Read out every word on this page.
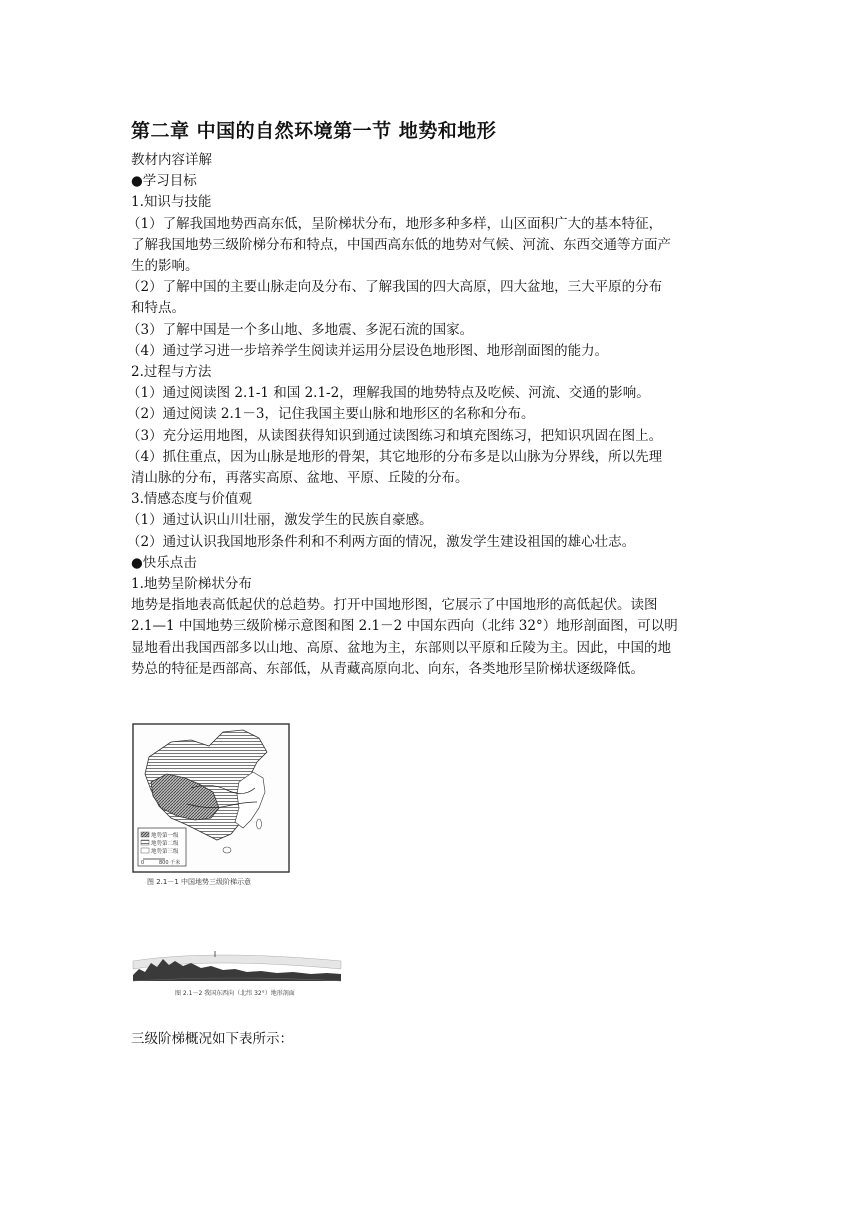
第二章 中国的自然环境第一节 地势和地形

教材内容详解

●学习目标

1.知识与技能

（1）了解我国地势西高东低，呈阶梯状分布，地形多种多样，山区面积广大的基本特征，

了解我国地势三级阶梯分布和特点，中国西高东低的地势对气候、河流、东西交通等方面产

生的影响。

（2）了解中国的主要山脉走向及分布、了解我国的四大高原，四大盆地，三大平原的分布

和特点。

（3）了解中国是一个多山地、多地震、多泥石流的国家。

（4）通过学习进一步培养学生阅读并运用分层设色地形图、地形剖面图的能力。

2.过程与方法

（1）通过阅读图 2.1-1 和国 2.1-2，理解我国的地势特点及吃候、河流、交通的影响。

（2）通过阅读 2.1－3，记住我国主要山脉和地形区的名称和分布。

（3）充分运用地图，从读图获得知识到通过读图练习和填充图练习，把知识巩固在图上。

（4）抓住重点，因为山脉是地形的骨架，其它地形的分布多是以山脉为分界线，所以先理

清山脉的分布，再落实高原、盆地、平原、丘陵的分布。

3.情感态度与价值观

（1）通过认识山川壮丽，激发学生的民族自豪感。

（2）通过认识我国地形条件利和不利两方面的情况，激发学生建设祖国的雄心壮志。

●快乐点击

1.地势呈阶梯状分布

地势是指地表高低起伏的总趋势。打开中国地形图，它展示了中国地形的高低起伏。读图

2.1—1 中国地势三级阶梯示意图和图 2.1－2 中国东西向（北纬 32°）地形剖面图，可以明

显地看出我国西部多以山地、高原、盆地为主，东部则以平原和丘陵为主。因此，中国的地

势总的特征是西部高、东部低，从青藏高原向北、向东，各类地形呈阶梯状逐级降低。

地势第一级
地势第二级
地势第三级
0	800 千米
图 2.1－1 中国地势三级阶梯示意
图 2.1－2 我国东西向（北纬 32°）地形剖面
三级阶梯概况如下表所示：
